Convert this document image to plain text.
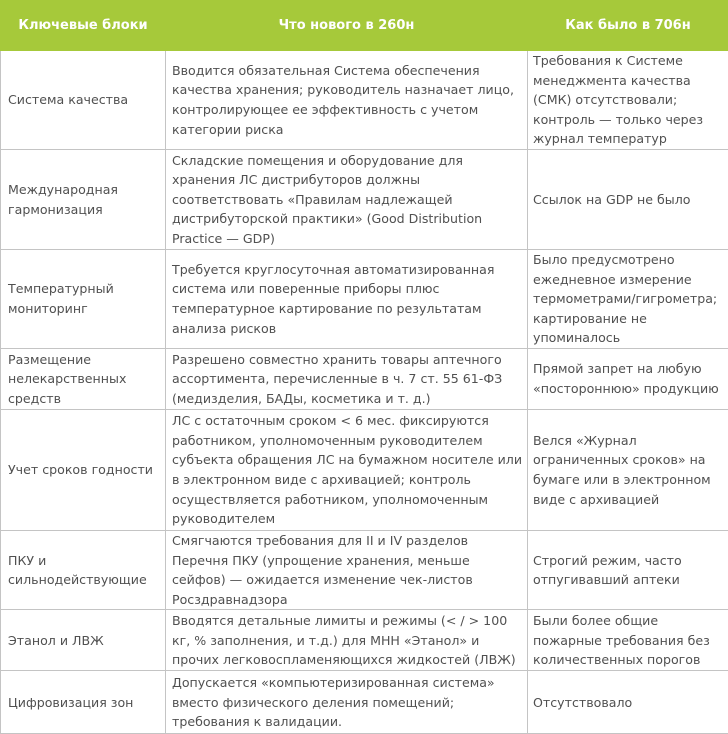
Ключевые блоки	Что нового в 260н	Как было в 706н
Система качества	Вводится обязательная Система обеспечения качества хранения; руководитель назначает лицо, контролирующее ее эффективность с учетом категории риска	Требования к Системе менеджмента качества (СМК) отсутствовали; контроль — только через журнал температур
Международная гармонизация	Складские помещения и оборудование для хранения ЛС дистрибуторов должны соответствовать «Правилам надлежащей дистрибуторской практики» (Good Distribution Practice — GDP)	Ссылок на GDP не было
Температурный мониторинг	Требуется круглосуточная автоматизированная система или поверенные приборы плюс температурное картирование по результатам анализа рисков	Было предусмотрено ежедневное измерение термометрами/гигрометра; картирование не упоминалось
Размещение нелекарственных средств	Разрешено совместно хранить товары аптечного ассортимента, перечисленные в ч. 7 ст. 55 61-ФЗ (медизделия, БАДы, косметика и т. д.)	Прямой запрет на любую «постороннюю» продукцию
Учет сроков годности	ЛС с остаточным сроком < 6 мес. фиксируются работником, уполномоченным руководителем субъекта обращения ЛС на бумажном носителе или в электронном виде с архивацией; контроль осуществляется работником, уполномоченным руководителем	Велся «Журнал ограниченных сроков» на бумаге или в электронном виде с архивацией
ПКУ и сильнодействующие	Смягчаются требования для II и IV разделов Перечня ПКУ (упрощение хранения, меньше сейфов) — ожидается изменение чек-листов Росздравнадзора	Строгий режим, часто отпугивавший аптеки
Этанол и ЛВЖ	Вводятся детальные лимиты и режимы (< / > 100 кг, % заполнения, и т.д.) для МНН «Этанол» и прочих легковоспламеняющихся жидкостей (ЛВЖ)	Были более общие пожарные требования без количественных порогов
Цифровизация зон	Допускается «компьютеризированная система» вместо физического деления помещений; требования к валидации.	Отсутствовало
